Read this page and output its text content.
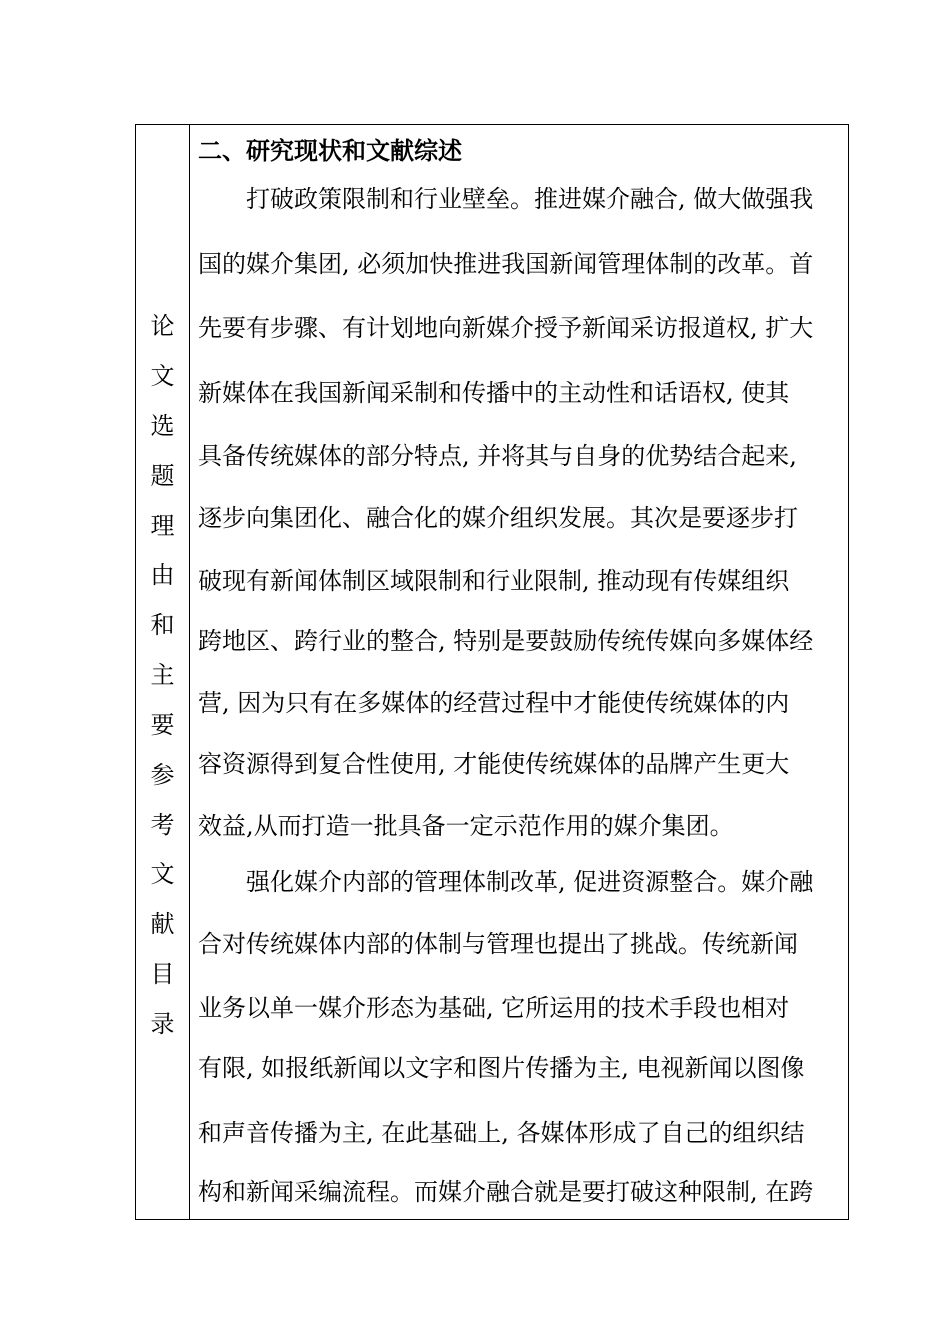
论
文
选
题
理
由
和
主
要
参
考
文
献
目
录
二、研究现状和文献综述
　　打破政策限制和行业壁垒。推进媒介融合, 做大做强我
国的媒介集团, 必须加快推进我国新闻管理体制的改革。首
先要有步骤、有计划地向新媒介授予新闻采访报道权, 扩大
新媒体在我国新闻采制和传播中的主动性和话语权, 使其
具备传统媒体的部分特点, 并将其与自身的优势结合起来,
逐步向集团化、融合化的媒介组织发展。其次是要逐步打
破现有新闻体制区域限制和行业限制, 推动现有传媒组织
跨地区、跨行业的整合, 特别是要鼓励传统传媒向多媒体经
营, 因为只有在多媒体的经营过程中才能使传统媒体的内
容资源得到复合性使用, 才能使传统媒体的品牌产生更大
效益,从而打造一批具备一定示范作用的媒介集团。
　　强化媒介内部的管理体制改革, 促进资源整合。媒介融
合对传统媒体内部的体制与管理也提出了挑战。传统新闻
业务以单一媒介形态为基础, 它所运用的技术手段也相对
有限, 如报纸新闻以文字和图片传播为主, 电视新闻以图像
和声音传播为主, 在此基础上, 各媒体形成了自己的组织结
构和新闻采编流程。而媒介融合就是要打破这种限制, 在跨
